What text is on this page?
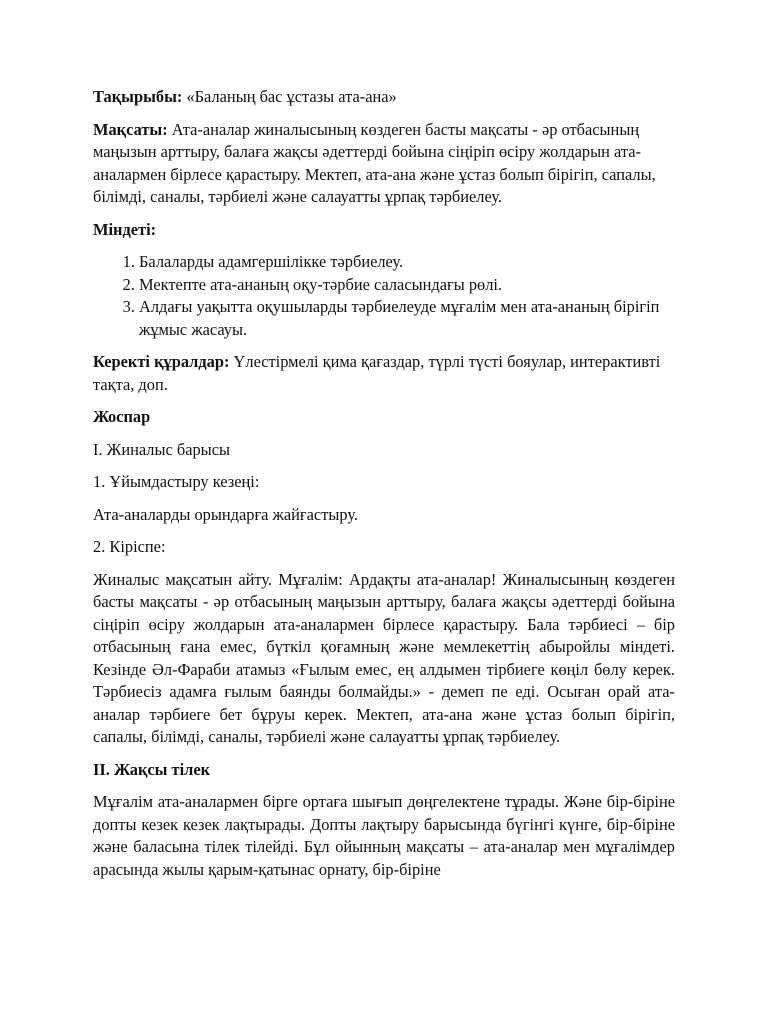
Тақырыбы: «Баланың бас ұстазы ата-ана»

Мақсаты: Ата-аналар жиналысының көздеген басты мақсаты - әр отбасының маңызын арттыру, балаға жақсы әдеттерді бойына сіңіріп өсіру жолдарын ата-аналармен бірлесе қарастыру. Мектеп, ата-ана және ұстаз болып бірігіп, сапалы, білімді, саналы, тәрбиелі және салауатты ұрпақ тәрбиелеу.

Міндеті:

1. Балаларды адамгершілікке тәрбиелеу.
2. Мектепте ата-ананың оқу-тәрбие саласындағы рөлі.
3. Алдағы уақытта оқушыларды тәрбиелеуде мұғалім мен ата-ананың бірігіп жұмыс жасауы.

Керекті құралдар: Үлестірмелі қима қағаздар, түрлі түсті бояулар, интерактивті тақта, доп.

Жоспар

І. Жиналыс барысы

1. Ұйымдастыру кезеңі:

Ата-аналарды орындарға жайғастыру.

2. Кіріспе:

Жиналыс мақсатын айту. Мұғалім: Ардақты ата-аналар! Жиналысының көздеген басты мақсаты - әр отбасының маңызын арттыру, балаға жақсы әдеттерді бойына сіңіріп өсіру жолдарын ата-аналармен бірлесе қарастыру. Бала тәрбиесі – бір отбасының ғана емес, бүткіл қоғамның және мемлекеттің абыройлы міндеті. Кезінде Әл-Фараби атамыз «Ғылым емес, ең алдымен тірбиеге көңіл бөлу керек. Тәрбиесіз адамға ғылым баянды болмайды.» - демеп пе еді. Осыған орай ата-аналар тәрбиеге бет бұруы керек. Мектеп, ата-ана және ұстаз болып бірігіп, сапалы, білімді, саналы, тәрбиелі және салауатты ұрпақ тәрбиелеу.

ІІ. Жақсы тілек

Мұғалім ата-аналармен бірге ортаға шығып дөңгелектене тұрады. Және бір-біріне допты кезек кезек лақтырады. Допты лақтыру барысында бүгінгі күнге, бір-біріне және баласына тілек тілейді. Бұл ойынның мақсаты – ата-аналар мен мұғалімдер арасында жылы қарым-қатынас орнату, бір-біріне
